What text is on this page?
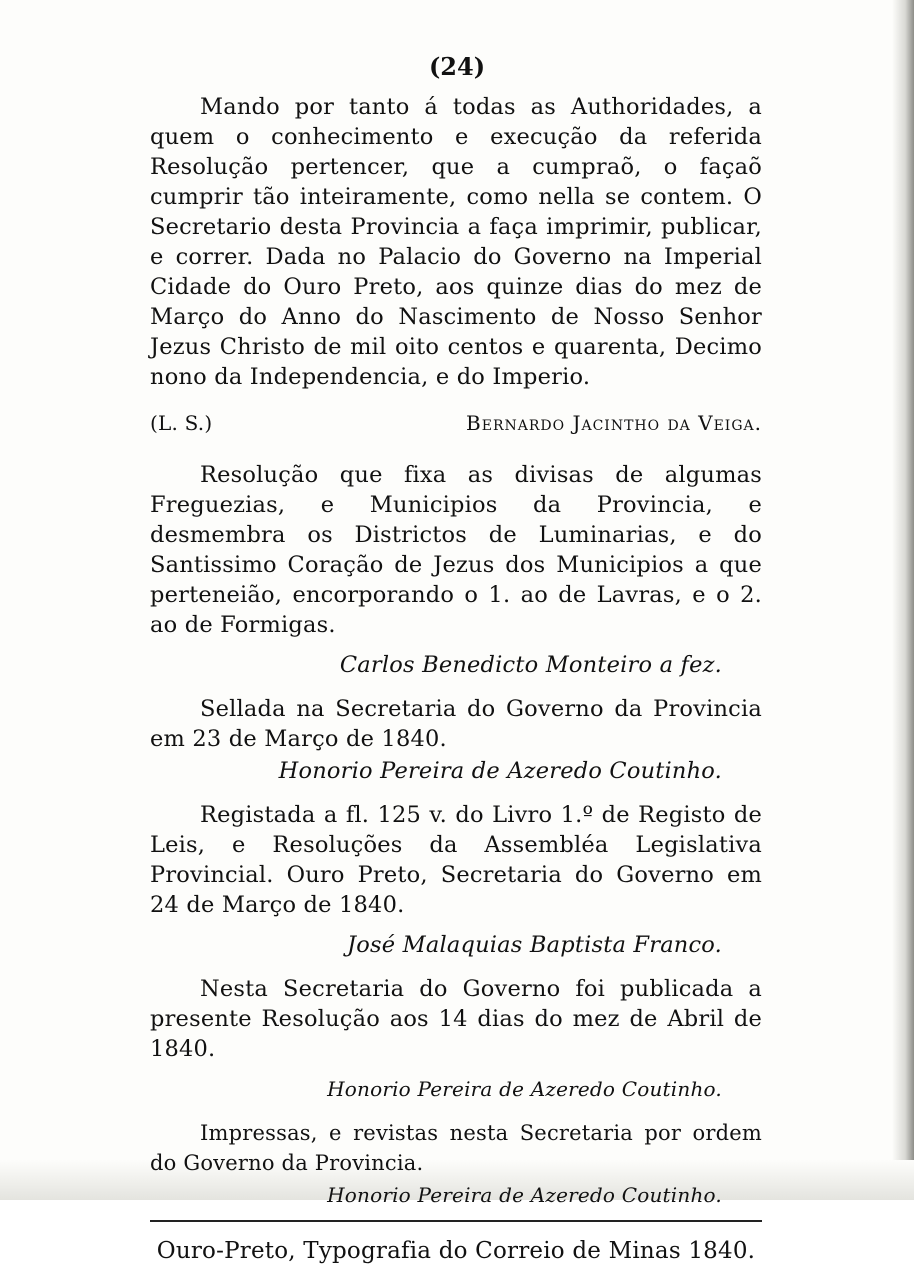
(24)

Mando por tanto á todas as Authoridades, a quem o conhecimento e execução da referida Resolução pertencer, que a cumpraõ, o façaõ cumprir tão inteiramente, como nella se contem. O Secretario desta Provincia a faça imprimir, publicar, e correr. Dada no Palacio do Governo na Imperial Cidade do Ouro Preto, aos quinze dias do mez de Março do Anno do Nascimento de Nosso Senhor Jezus Christo de mil oito centos e quarenta, Decimo nono da Independencia, e do Imperio.

(L. S.)	Bernardo Jacintho da Veiga.

Resolução que fixa as divisas de algumas Freguezias, e Municipios da Provincia, e desmembra os Districtos de Luminarias, e do Santissimo Coração de Jezus dos Municipios a que perteneião, encorporando o 1. ao de Lavras, e o 2. ao de Formigas.

Carlos Benedicto Monteiro a fez.

Sellada na Secretaria do Governo da Provincia em 23 de Março de 1840.

Honorio Pereira de Azeredo Coutinho.

Registada a fl. 125 v. do Livro 1.º de Registo de Leis, e Resoluções da Assembléa Legislativa Provincial. Ouro Preto, Secretaria do Governo em 24 de Março de 1840.

José Malaquias Baptista Franco.

Nesta Secretaria do Governo foi publicada a presente Resolução aos 14 dias do mez de Abril de 1840.

Honorio Pereira de Azeredo Coutinho.

Impressas, e revistas nesta Secretaria por ordem do Governo da Provincia.

Honorio Pereira de Azeredo Coutinho.

Ouro-Preto, Typografia do Correio de Minas 1840.
